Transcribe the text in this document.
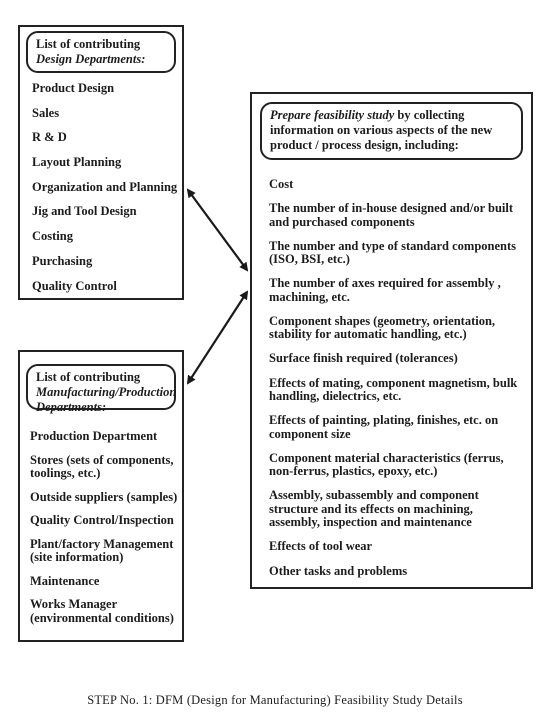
List of contributing Design Departments:
Product Design
Sales
R & D
Layout Planning
Organization and Planning
Jig and Tool Design
Costing
Purchasing
Quality Control
List of contributing
Manufacturing/Production Departments:
Production Department
Stores (sets of components, toolings, etc.)
Outside suppliers (samples)
Quality Control/Inspection
Plant/factory Management (site information)
Maintenance
Works Manager (environmental conditions)
Prepare feasibility study by collecting information on various aspects of the new product / process design, including:
Cost
The number of in-house designed and/or built and purchased components
The number and type of standard components (ISO, BSI, etc.)
The number of axes required for assembly , machining, etc.
Component shapes (geometry, orientation, stability for automatic handling, etc.)
Surface finish required (tolerances)
Effects of mating, component magnetism, bulk handling, dielectrics, etc.
Effects of painting, plating, finishes, etc. on component size
Component material characteristics (ferrus, non-ferrus, plastics, epoxy, etc.)
Assembly, subassembly and component structure and its effects on machining, assembly, inspection and maintenance
Effects of tool wear
Other tasks and problems
STEP No. 1: DFM (Design for Manufacturing) Feasibility Study Details
